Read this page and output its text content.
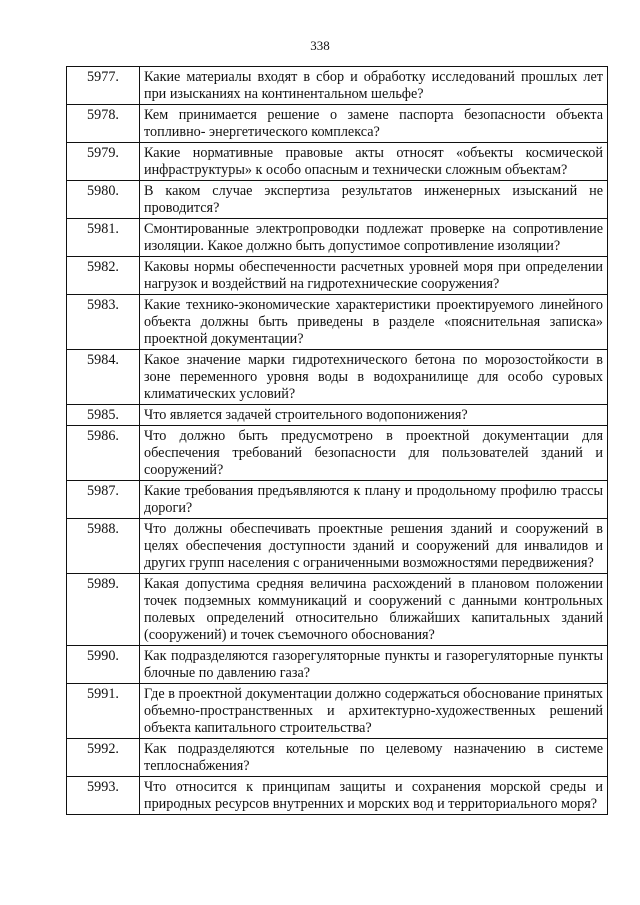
338
5977.	Какие материалы входят в сбор и обработку исследований прошлых лет при изысканиях на континентальном шельфе?
5978.	Кем принимается решение о замене паспорта безопасности объекта топливно- энергетического комплекса?
5979.	Какие нормативные правовые акты относят «объекты космической инфраструктуры» к особо опасным и технически сложным объектам?
5980.	В каком случае экспертиза результатов инженерных изысканий не проводится?
5981.	Смонтированные электропроводки подлежат проверке на сопротивление изоляции. Какое должно быть допустимое сопротивление изоляции?
5982.	Каковы нормы обеспеченности расчетных уровней моря при определении нагрузок и воздействий на гидротехнические сооружения?
5983.	Какие технико-экономические характеристики проектируемого линейного объекта должны быть приведены в разделе «пояснительная записка» проектной документации?
5984.	Какое значение марки гидротехнического бетона по морозостойкости в зоне переменного уровня воды в водохранилище для особо суровых климатических условий?
5985.	Что является задачей строительного водопонижения?
5986.	Что должно быть предусмотрено в проектной документации для обеспечения требований безопасности для пользователей зданий и сооружений?
5987.	Какие требования предъявляются к плану и продольному профилю трассы дороги?
5988.	Что должны обеспечивать проектные решения зданий и сооружений в целях обеспечения доступности зданий и сооружений для инвалидов и других групп населения с ограниченными возможностями передвижения?
5989.	Какая допустима средняя величина расхождений в плановом положении точек подземных коммуникаций и сооружений с данными контрольных полевых определений относительно ближайших капитальных зданий (сооружений) и точек съемочного обоснования?
5990.	Как подразделяются газорегуляторные пункты и газорегуляторные пункты блочные по давлению газа?
5991.	Где в проектной документации должно содержаться обоснование принятых объемно-пространственных и архитектурно-художественных решений объекта капитального строительства?
5992.	Как подразделяются котельные по целевому назначению в системе теплоснабжения?
5993.	Что относится к принципам защиты и сохранения морской среды и природных ресурсов внутренних и морских вод и территориального моря?
